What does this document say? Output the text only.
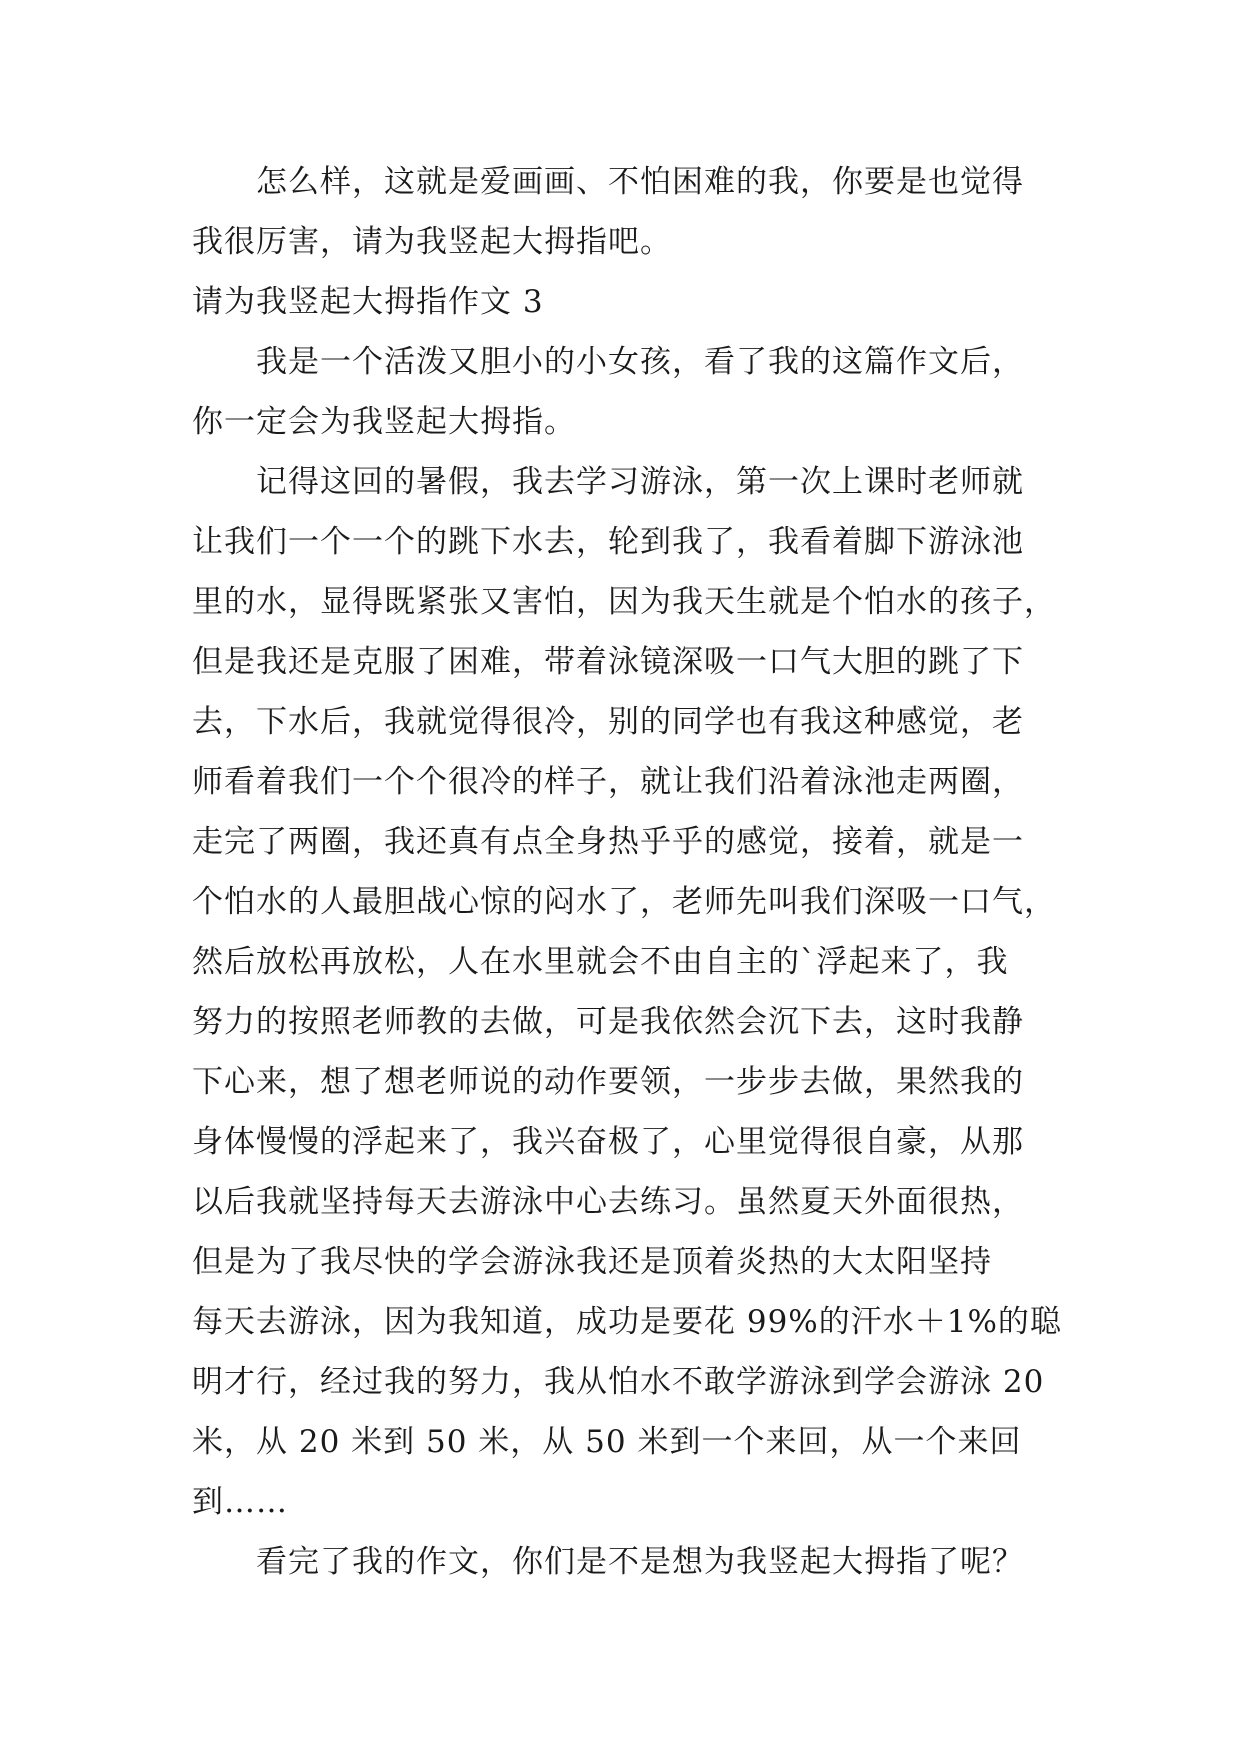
怎么样，这就是爱画画、不怕困难的我，你要是也觉得
我很厉害，请为我竖起大拇指吧。
请为我竖起大拇指作文 3
我是一个活泼又胆小的小女孩，看了我的这篇作文后，
你一定会为我竖起大拇指。
记得这回的暑假，我去学习游泳，第一次上课时老师就
让我们一个一个的跳下水去，轮到我了，我看着脚下游泳池
里的水，显得既紧张又害怕，因为我天生就是个怕水的孩子，
但是我还是克服了困难，带着泳镜深吸一口气大胆的跳了下
去，下水后，我就觉得很冷，别的同学也有我这种感觉，老
师看着我们一个个很冷的样子，就让我们沿着泳池走两圈，
走完了两圈，我还真有点全身热乎乎的感觉，接着，就是一
个怕水的人最胆战心惊的闷水了，老师先叫我们深吸一口气，
然后放松再放松，人在水里就会不由自主的`浮起来了，我
努力的按照老师教的去做，可是我依然会沉下去，这时我静
下心来，想了想老师说的动作要领，一步步去做，果然我的
身体慢慢的浮起来了，我兴奋极了，心里觉得很自豪，从那
以后我就坚持每天去游泳中心去练习。虽然夏天外面很热，
但是为了我尽快的学会游泳我还是顶着炎热的大太阳坚持
每天去游泳，因为我知道，成功是要花 99%的汗水＋1%的聪
明才行，经过我的努力，我从怕水不敢学游泳到学会游泳 20
米，从 20 米到 50 米，从 50 米到一个来回，从一个来回
到……
看完了我的作文，你们是不是想为我竖起大拇指了呢？
